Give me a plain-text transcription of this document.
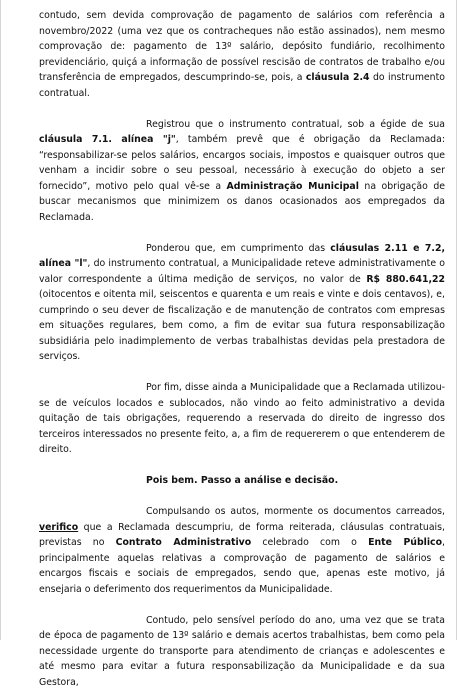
contudo, sem devida comprovação de pagamento de salários com referência a novembro/2022 (uma vez que os contracheques não estão assinados), nem mesmo comprovação de: pagamento de 13º salário, depósito fundiário, recolhimento previdenciário, quiçá a informação de possível rescisão de contratos de trabalho e/ou transferência de empregados, descumprindo-se, pois, a cláusula 2.4 do instrumento contratual.

Registrou que o instrumento contratual, sob a égide de sua cláusula 7.1. alínea "j", também prevê que é obrigação da Reclamada: “responsabilizar-se pelos salários, encargos sociais, impostos e quaisquer outros que venham a incidir sobre o seu pessoal, necessário à execução do objeto a ser fornecido”, motivo pelo qual vê-se a Administração Municipal na obrigação de buscar mecanismos que minimizem os danos ocasionados aos empregados da Reclamada.

Ponderou que, em cumprimento das cláusulas 2.11 e 7.2, alínea "l", do instrumento contratual, a Municipalidade reteve administrativamente o valor correspondente a última medição de serviços, no valor de R$ 880.641,22 (oitocentos e oitenta mil, seiscentos e quarenta e um reais e vinte e dois centavos), e, cumprindo o seu dever de fiscalização e de manutenção de contratos com empresas em situações regulares, bem como, a fim de evitar sua futura responsabilização subsidiária pelo inadimplemento de verbas trabalhistas devidas pela prestadora de serviços.

Por fim, disse ainda a Municipalidade que a Reclamada utilizou-se de veículos locados e sublocados, não vindo ao feito administrativo a devida quitação de tais obrigações, requerendo a reservada do direito de ingresso dos terceiros interessados no presente feito, a, a fim de requererem o que entenderem de direito.

Pois bem. Passo a análise e decisão.

Compulsando os autos, mormente os documentos carreados, verifico que a Reclamada descumpriu, de forma reiterada, cláusulas contratuais, previstas no Contrato Administrativo celebrado com o Ente Público, principalmente aquelas relativas a comprovação de pagamento de salários e encargos fiscais e sociais de empregados, sendo que, apenas este motivo, já ensejaria o deferimento dos requerimentos da Municipalidade.

Contudo, pelo sensível período do ano, uma vez que se trata de época de pagamento de 13º salário e demais acertos trabalhistas, bem como pela necessidade urgente do transporte para atendimento de crianças e adolescentes e até mesmo para evitar a futura responsabilização da Municipalidade e da sua Gestora,
